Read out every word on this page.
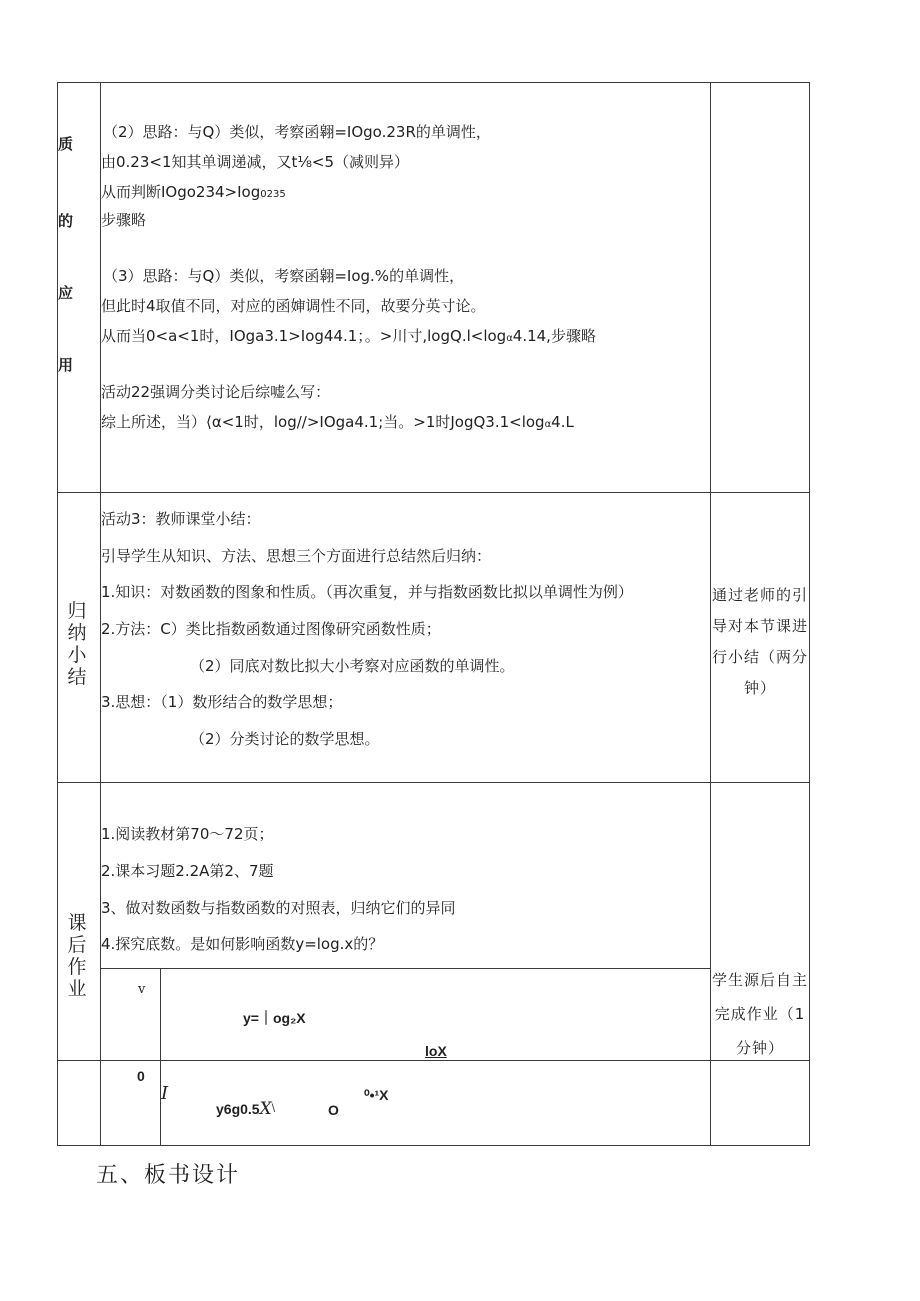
质
的
应
用
（2）思路：与Q）类似，考察函翱=IOgo.23R的单调性，
由0.23<1知其单调递减，又t⅛<5（减则异）
从而判断IOgo234>Iog0235
步骤略
（3）思路：与Q）类似，考察函翱=Iog.%的单调性，
但此时4取值不同，对应的函婶调性不同，故要分英寸论。
从而当0<a<1时，IOga3.1>Iog44.1；。>川寸,logQ.l<logα4.14,步骤略
活动22强调分类讨论后综嘘么写：
综上所述，当）⟨α<1时，log//>IOga4.1;当。>1时JogQ3.1<logα4.L
归
纳
小
结
活动3：教师课堂小结：
引导学生从知识、方法、思想三个方面进行总结然后归纳：
1.知识：对数函数的图象和性质。（再次重复，并与指数函数比拟以单调性为例）
2.方法：C）类比指数函数通过图像研究函数性质；
（2）同底对数比拟大小考察对应函数的单调性。
3.思想：（1）数形结合的数学思想；
（2）分类讨论的数学思想。
通过老师的引
导对本节课进
行小结（两分
钟）
课
后
作
业
1.阅读教材第70～72页；
2.课本习题2.2A第2、7题
3、做对数函数与指数函数的对照表，归纳它们的异同
4.探究底数。是如何影响函数y=log.x的？
学生源后自主
完成作业（1
分钟）
v
y=｜og₂X
loX
0
I
y6g0.5X\	O
⁰•¹X
五、板书设计
